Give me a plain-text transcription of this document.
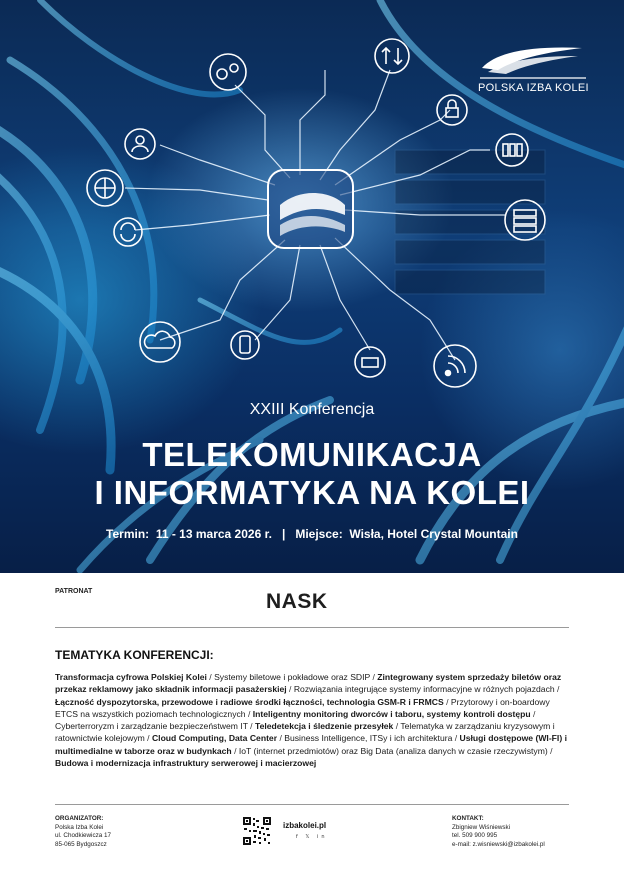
POLSKA IZBA KOLEI
XXIII Konferencja
TELEKOMUNIKACJA
I INFORMATYKA NA KOLEI
Termin: 11 - 13 marca 2026 r. | Miejsce: Wisła, Hotel Crystal Mountain
PATRONAT	NASK
TEMATYKA KONFERENCJI:
Transformacja cyfrowa Polskiej Kolei / Systemy biletowe i pokładowe oraz SDIP / Zintegrowany system sprzedaży biletów oraz przekaz reklamowy jako składnik informacji pasażerskiej / Rozwiązania integrujące systemy informacyjne w różnych pojazdach / Łączność dyspozytorska, przewodowe i radiowe środki łączności, technologia GSM-R i FRMCS / Przytorowy i on-boardowy ETCS na wszystkich poziomach technologicznych / Inteligentny monitoring dworców i taboru, systemy kontroli dostępu / Cyberterroryzm i zarządzanie bezpieczeństwem IT / Teledetekcja i śledzenie przesyłek / Telematyka w zarządzaniu kryzysowym i ratownictwie kolejowym / Cloud Computing, Data Center / Business Intelligence, ITSy i ich architektura / Usługi dostępowe (WI-FI) i multimedialne w taborze oraz w budynkach / IoT (internet przedmiotów) oraz Big Data (analiza danych w czasie rzeczywistym) / Budowa i modernizacja infrastruktury serwerowej i macierzowej
ORGANIZATOR:
Polska Izba Kolei
ul. Chodkiewicza 17
85-065 Bydgoszcz
izbakolei.pl
f 𝕏 in
KONTAKT:
Zbigniew Wiśniewski
tel. 509 900 995
e-mail: z.wisniewski@izbakolei.pl
